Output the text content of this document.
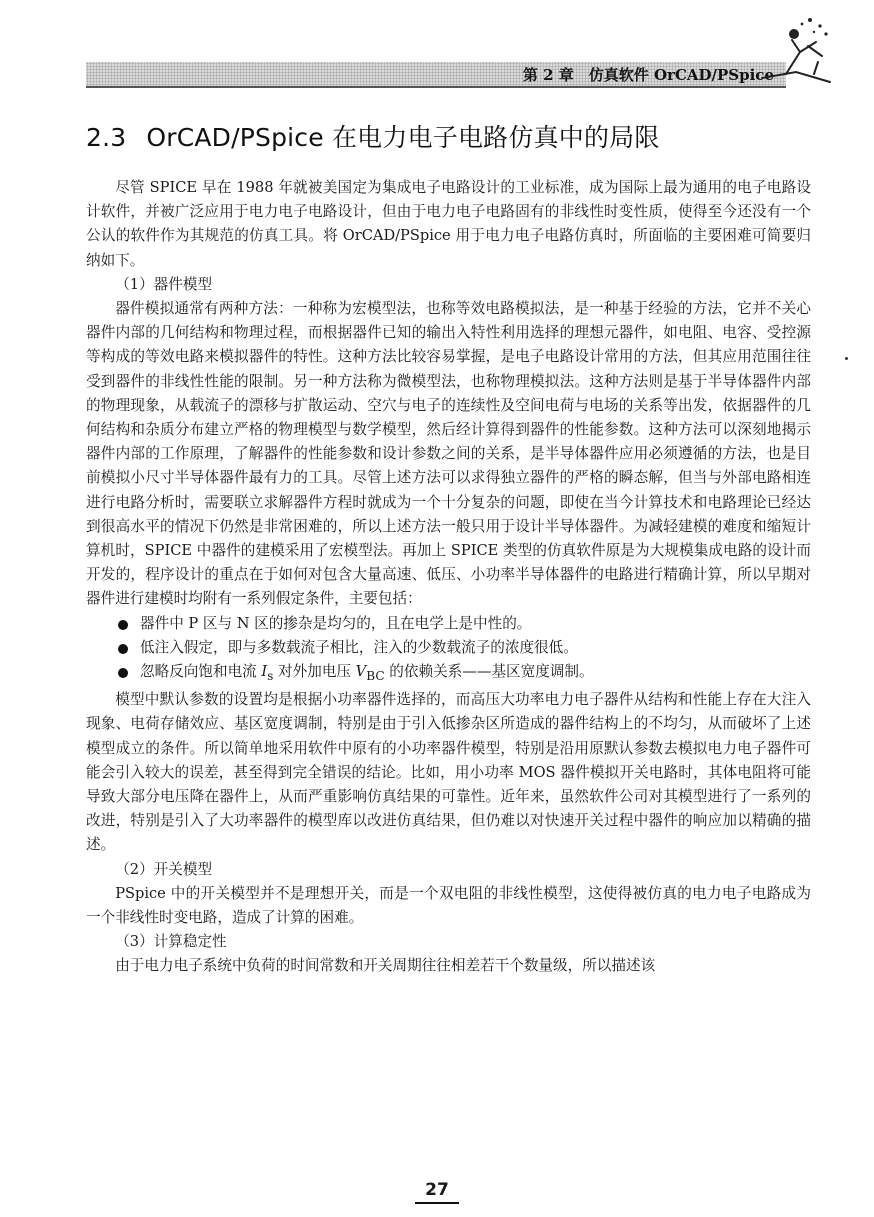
第 2 章　仿真软件 OrCAD/PSpice
2.3 OrCAD/PSpice 在电力电子电路仿真中的局限

尽管 SPICE 早在 1988 年就被美国定为集成电子电路设计的工业标准，成为国际上最为通用的电子电路设计软件，并被广泛应用于电力电子电路设计，但由于电力电子电路固有的非线性时变性质，使得至今还没有一个公认的软件作为其规范的仿真工具。将 OrCAD/PSpice 用于电力电子电路仿真时，所面临的主要困难可简要归纳如下。

（1）器件模型

器件模拟通常有两种方法：一种称为宏模型法，也称等效电路模拟法，是一种基于经验的方法，它并不关心器件内部的几何结构和物理过程，而根据器件已知的输出入特性利用选择的理想元器件，如电阻、电容、受控源等构成的等效电路来模拟器件的特性。这种方法比较容易掌握，是电子电路设计常用的方法，但其应用范围往往受到器件的非线性性能的限制。另一种方法称为微模型法，也称物理模拟法。这种方法则是基于半导体器件内部的物理现象，从载流子的漂移与扩散运动、空穴与电子的连续性及空间电荷与电场的关系等出发，依据器件的几何结构和杂质分布建立严格的物理模型与数学模型，然后经计算得到器件的性能参数。这种方法可以深刻地揭示器件内部的工作原理，了解器件的性能参数和设计参数之间的关系，是半导体器件应用必须遵循的方法，也是目前模拟小尺寸半导体器件最有力的工具。尽管上述方法可以求得独立器件的严格的瞬态解，但当与外部电路相连进行电路分析时，需要联立求解器件方程时就成为一个十分复杂的问题，即使在当今计算技术和电路理论已经达到很高水平的情况下仍然是非常困难的，所以上述方法一般只用于设计半导体器件。为减轻建模的难度和缩短计算机时，SPICE 中器件的建模采用了宏模型法。再加上 SPICE 类型的仿真软件原是为大规模集成电路的设计而开发的，程序设计的重点在于如何对包含大量高速、低压、小功率半导体器件的电路进行精确计算，所以早期对器件进行建模时均附有一系列假定条件，主要包括：

器件中 P 区与 N 区的掺杂是均匀的，且在电学上是中性的。
低注入假定，即与多数载流子相比，注入的少数载流子的浓度很低。
忽略反向饱和电流 $I_s$ 对外加电压 $V_{BC}$ 的依赖关系——基区宽度调制。

模型中默认参数的设置均是根据小功率器件选择的，而高压大功率电力电子器件从结构和性能上存在大注入现象、电荷存储效应、基区宽度调制，特别是由于引入低掺杂区所造成的器件结构上的不均匀，从而破坏了上述模型成立的条件。所以简单地采用软件中原有的小功率器件模型，特别是沿用原默认参数去模拟电力电子器件可能会引入较大的误差，甚至得到完全错误的结论。比如，用小功率 MOS 器件模拟开关电路时，其体电阻将可能导致大部分电压降在器件上，从而严重影响仿真结果的可靠性。近年来，虽然软件公司对其模型进行了一系列的改进，特别是引入了大功率器件的模型库以改进仿真结果，但仍难以对快速开关过程中器件的响应加以精确的描述。

（2）开关模型

PSpice 中的开关模型并不是理想开关，而是一个双电阻的非线性模型，这使得被仿真的电力电子电路成为一个非线性时变电路，造成了计算的困难。

（3）计算稳定性

由于电力电子系统中负荷的时间常数和开关周期往往相差若干个数量级，所以描述该

27
